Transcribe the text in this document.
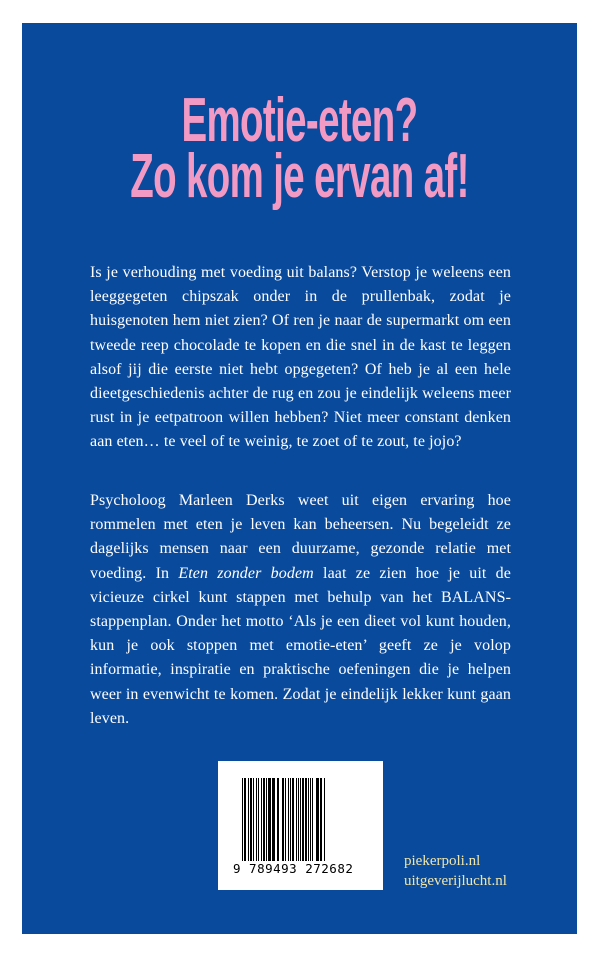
Emotie-eten?
Zo kom je ervan af!

Is je verhouding met voeding uit balans? Verstop je weleens een leeggegeten chipszak onder in de prullenbak, zodat je huisgenoten hem niet zien? Of ren je naar de supermarkt om een tweede reep chocolade te kopen en die snel in de kast te leggen alsof jij die eerste niet hebt opgegeten? Of heb je al een hele dieetgeschiedenis achter de rug en zou je eindelijk weleens meer rust in je eetpatroon willen hebben? Niet meer constant denken aan eten… te veel of te weinig, te zoet of te zout, te jojo?

Psycholoog Marleen Derks weet uit eigen ervaring hoe rommelen met eten je leven kan beheersen. Nu begeleidt ze dagelijks mensen naar een duurzame, gezonde relatie met voeding. In Eten zonder bodem laat ze zien hoe je uit de vicieuze cirkel kunt stappen met behulp van het BALANS-stappenplan. Onder het motto ‘Als je een dieet vol kunt houden, kun je ook stoppen met emotie-eten’ geeft ze je volop informatie, inspiratie en praktische oefeningen die je helpen weer in evenwicht te komen. Zodat je eindelijk lekker kunt gaan leven.

9 789493 272682	piekerpoli.nl
uitgeverijlucht.nl
